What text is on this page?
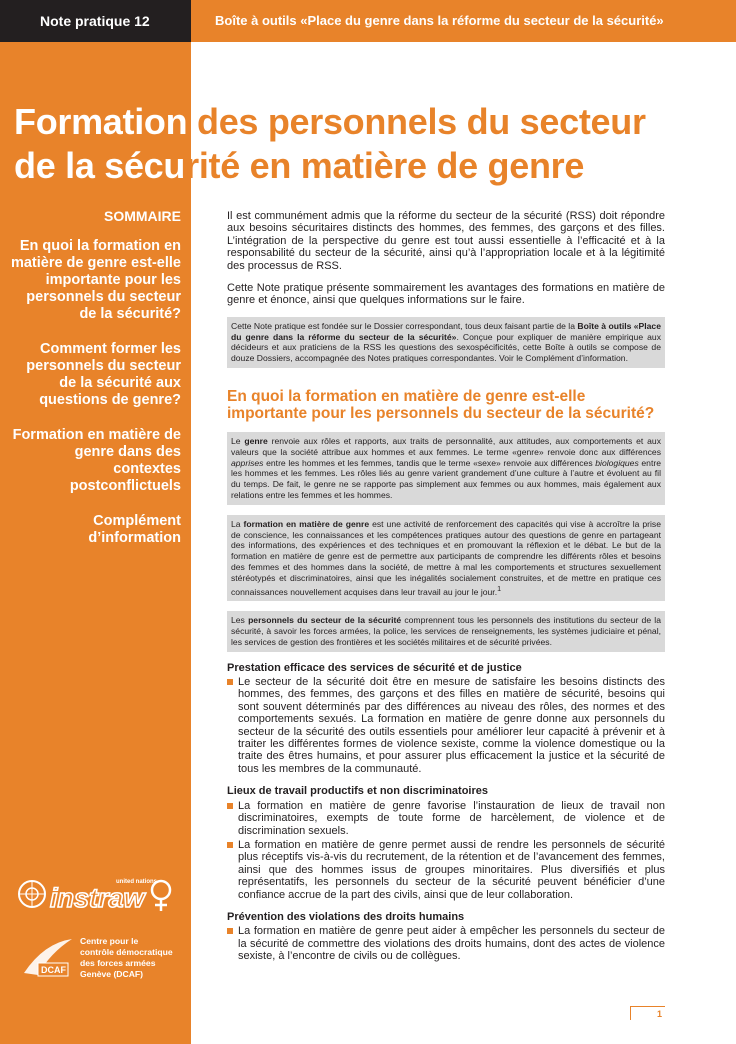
Note pratique 12	Boîte à outils «Place du genre dans la réforme du secteur de la sécurité»
Formation des personnels du secteur
de la sécurité en matière de genre

SOMMAIRE

En quoi la formation en matière de genre est-elle importante pour les personnels du secteur de la sécurité?

Comment former les personnels du secteur de la sécurité aux questions de genre?

Formation en matière de genre dans des contextes postconflictuels

Complément d’information

Il est communément admis que la réforme du secteur de la sécurité (RSS) doit répondre aux besoins sécuritaires distincts des hommes, des femmes, des garçons et des filles. L’intégration de la perspective du genre est tout aussi essentielle à l’efficacité et à la responsabilité du secteur de la sécurité, ainsi qu’à l’appropriation locale et à la légitimité des processus de RSS.

Cette Note pratique présente sommairement les avantages des formations en matière de genre et énonce, ainsi que quelques informations sur le faire.

Cette Note pratique est fondée sur le Dossier correspondant, tous deux faisant partie de la Boîte à outils «Place du genre dans la réforme du secteur de la sécurité». Conçue pour expliquer de manière empirique aux décideurs et aux praticiens de la RSS les questions des sexospécificités, cette Boîte à outils se compose de douze Dossiers, accompagnée des Notes pratiques correspondantes. Voir le Complément d’information.
En quoi la formation en matière de genre est-elle importante pour les personnels du secteur de la sécurité?
Le genre renvoie aux rôles et rapports, aux traits de personnalité, aux attitudes, aux comportements et aux valeurs que la société attribue aux hommes et aux femmes. Le terme «genre» renvoie donc aux différences apprises entre les hommes et les femmes, tandis que le terme «sexe» renvoie aux différences biologiques entre les hommes et les femmes. Les rôles liés au genre varient grandement d’une culture à l’autre et évoluent au fil du temps. De fait, le genre ne se rapporte pas simplement aux femmes ou aux hommes, mais également aux relations entre les femmes et les hommes.
La formation en matière de genre est une activité de renforcement des capacités qui vise à accroître la prise de conscience, les connaissances et les compétences pratiques autour des questions de genre en partageant des informations, des expériences et des techniques et en promouvant la réflexion et le débat. Le but de la formation en matière de genre est de permettre aux participants de comprendre les différents rôles et besoins des femmes et des hommes dans la société, de mettre à mal les comportements et structures sexuellement stéréotypés et discriminatoires, ainsi que les inégalités socialement construites, et de mettre en pratique ces connaissances nouvellement acquises dans leur travail au jour le jour.$^1$
Les personnels du secteur de la sécurité comprennent tous les personnels des institutions du secteur de la sécurité, à savoir les forces armées, la police, les services de renseignements, les systèmes judiciaire et pénal, les services de gestion des frontières et les sociétés militaires et de sécurité privées.
Prestation efficace des services de sécurité et de justice
Le secteur de la sécurité doit être en mesure de satisfaire les besoins distincts des hommes, des femmes, des garçons et des filles en matière de sécurité, besoins qui sont souvent déterminés par des différences au niveau des rôles, des normes et des comportements sexués. La formation en matière de genre donne aux personnels du secteur de la sécurité des outils essentiels pour améliorer leur capacité à prévenir et à traiter les différentes formes de violence sexiste, comme la violence domestique ou la traite des êtres humains, et pour assurer plus efficacement la justice et la sécurité de tous les membres de la communauté.
Lieux de travail productifs et non discriminatoires
La formation en matière de genre favorise l’instauration de lieux de travail non discriminatoires, exempts de toute forme de harcèlement, de violence et de discrimination sexuels.
La formation en matière de genre permet aussi de rendre les personnels de sécurité plus réceptifs vis-à-vis du recrutement, de la rétention et de l’avancement des femmes, ainsi que des hommes issus de groupes minoritaires. Plus diversifiés et plus représentatifs, les personnels du secteur de la sécurité peuvent bénéficier d’une confiance accrue de la part des civils, ainsi que de leur collaboration.
Prévention des violations des droits humains
La formation en matière de genre peut aider à empêcher les personnels du secteur de la sécurité de commettre des violations des droits humains, dont des actes de violence sexiste, à l’encontre de civils ou de collègues.
united nations
instraw
DCAF
Centre pour le
contrôle démocratique
des forces armées
Genève (DCAF)
1
